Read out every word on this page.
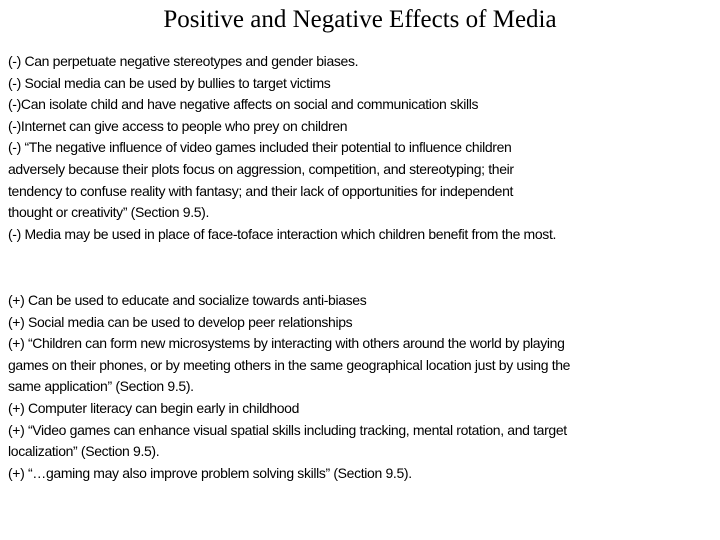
Positive and Negative Effects of Media
(-) Can perpetuate negative stereotypes and gender biases.
(-) Social media can be used by bullies to target victims
(-)Can isolate child and have negative affects on social and communication skills
(-)Internet can give access to people who prey on children
(-) “The negative influence of video games included their potential to influence children
adversely because their plots focus on aggression, competition, and stereotyping; their
tendency to confuse reality with fantasy; and their lack of opportunities for independent
thought or creativity” (Section 9.5).
(-) Media may be used in place of face-toface interaction which children benefit from the most.
(+) Can be used to educate and socialize towards anti-biases
(+) Social media can be used to develop peer relationships
(+) “Children can form new microsystems by interacting with others around the world by playing
games on their phones, or by meeting others in the same geographical location just by using the
same application” (Section 9.5).
(+) Computer literacy can begin early in childhood
(+) “Video games can enhance visual spatial skills including tracking, mental rotation, and target
localization” (Section 9.5).
(+) “…gaming may also improve problem solving skills” (Section 9.5).
